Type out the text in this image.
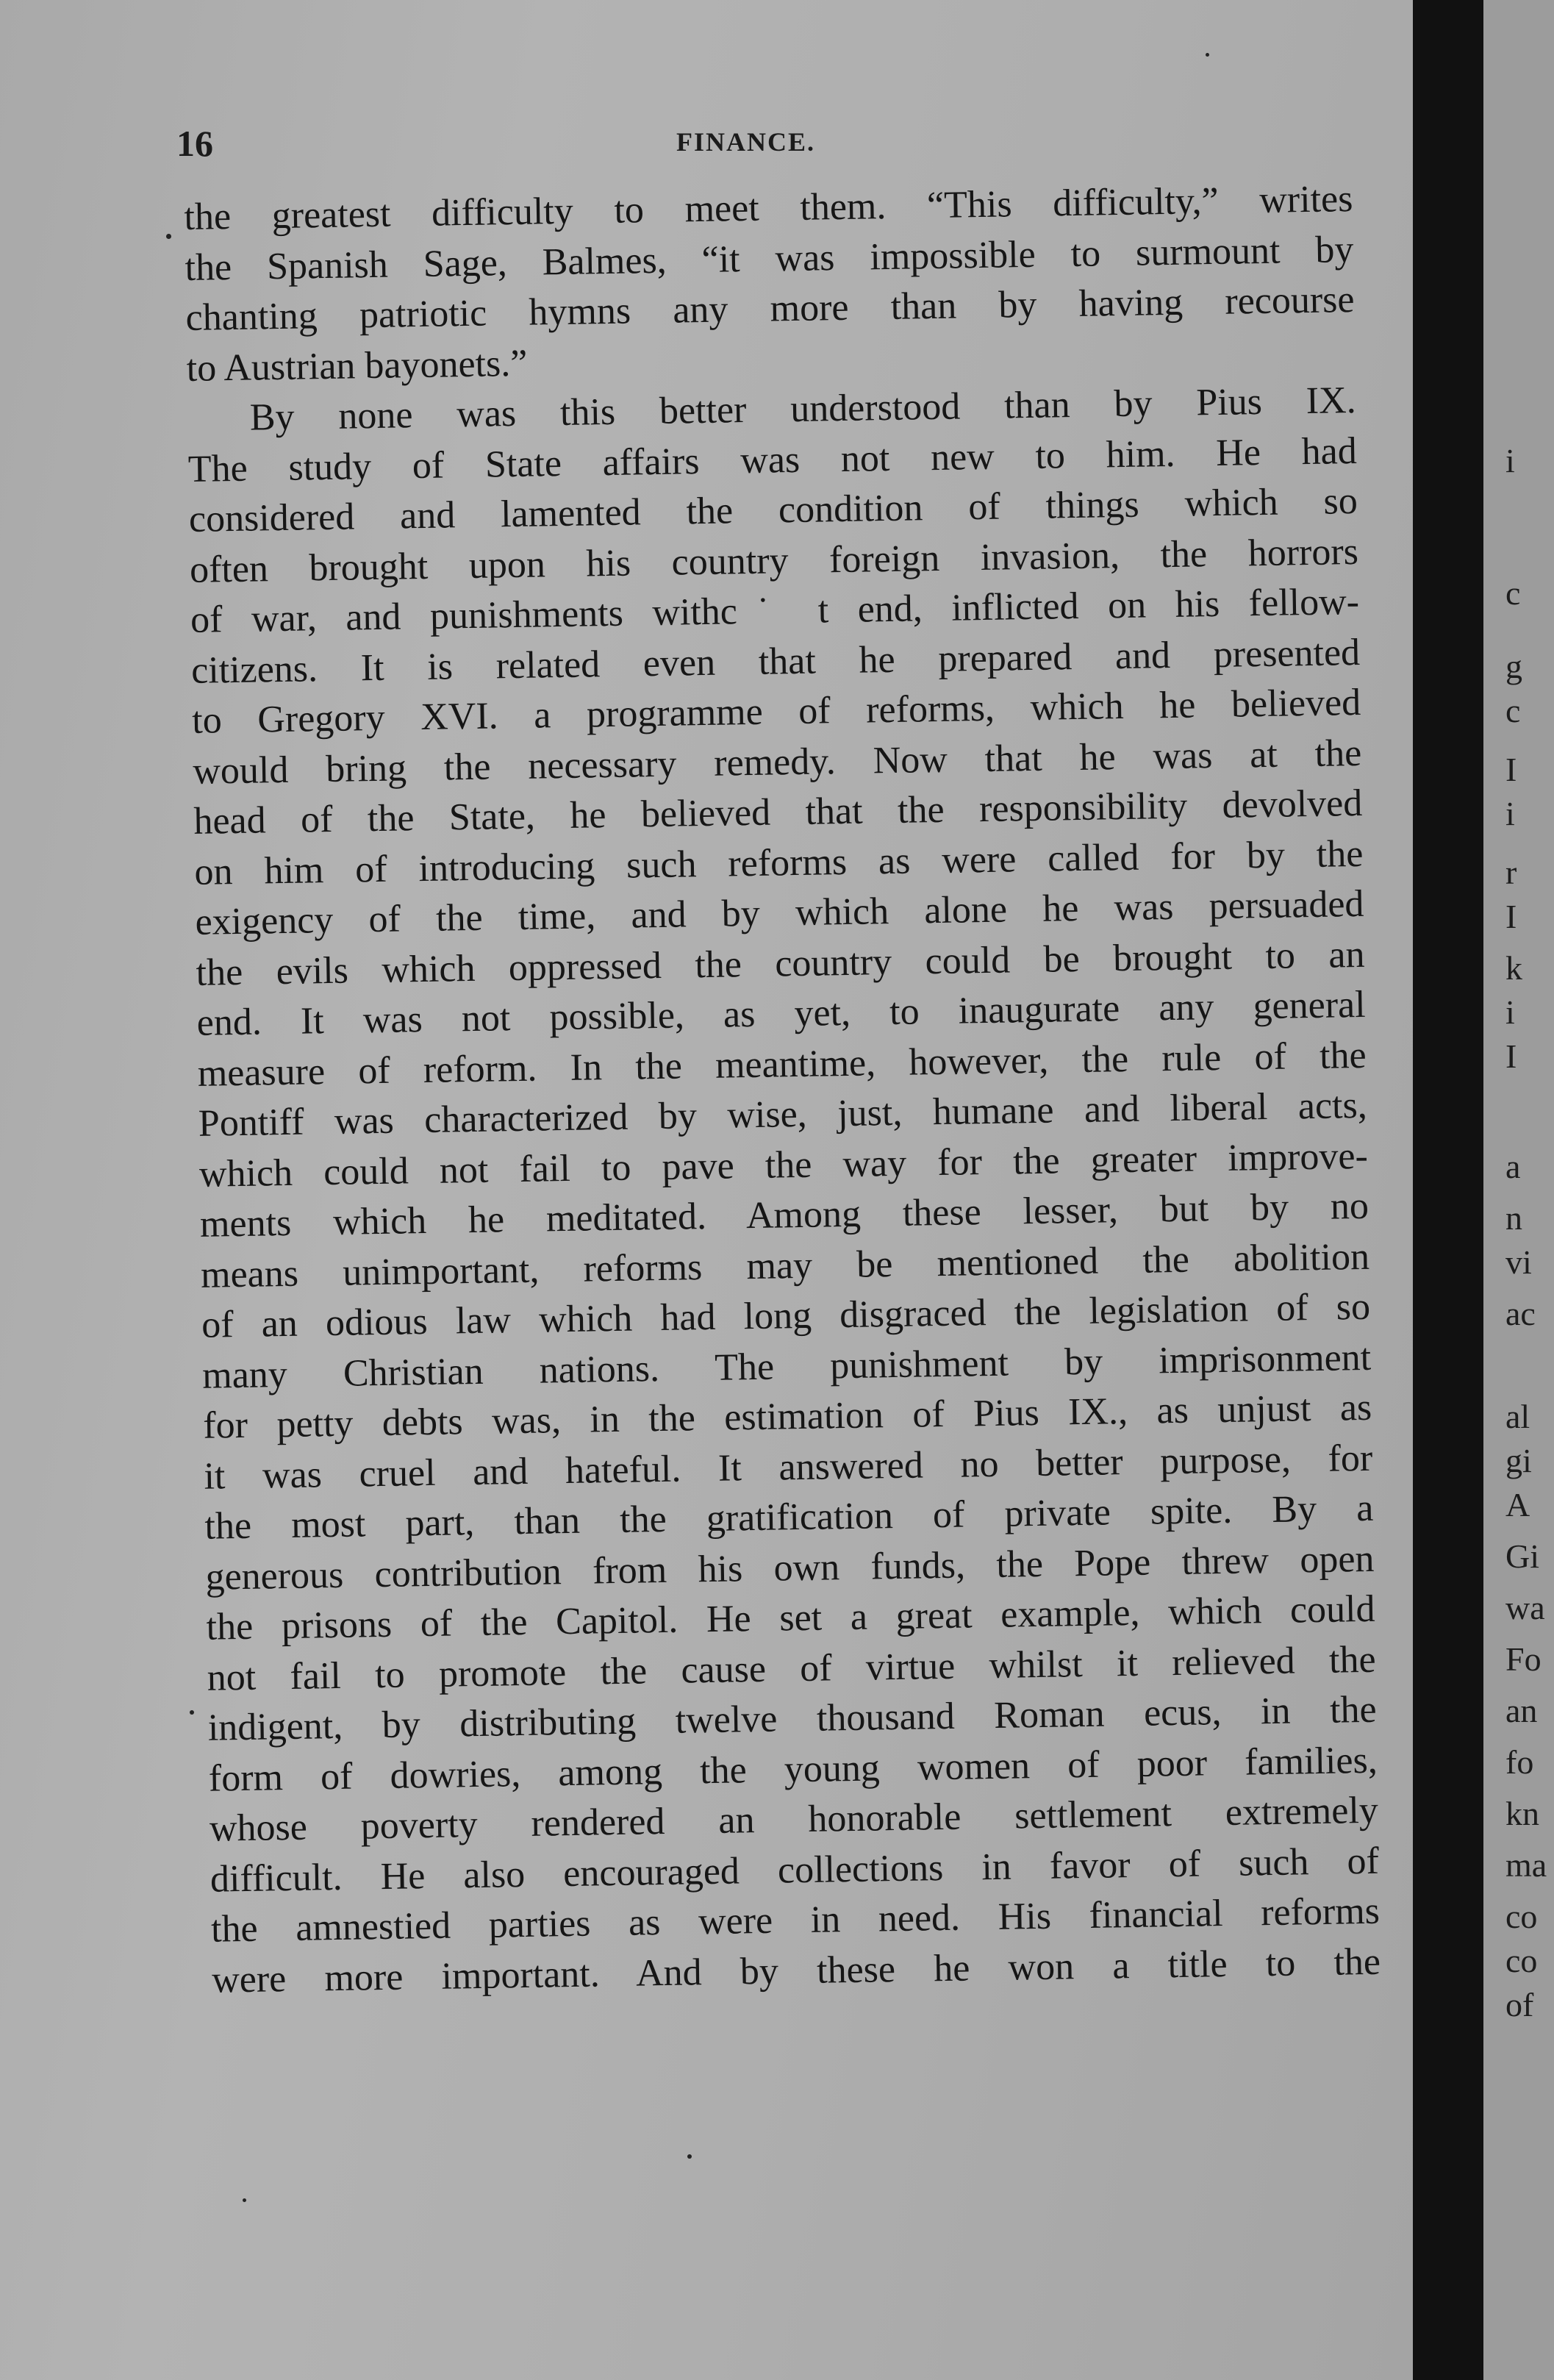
16	FINANCE.
the greatest difficulty to meet them. “This difficulty,” writes
the Spanish Sage, Balmes, “it was impossible to surmount by
chanting patriotic hymns any more than by having recourse
to Austrian bayonets.”
By none was this better understood than by Pius IX.
The study of State affairs was not new to him. He had
considered and lamented the condition of things which so
often brought upon his country foreign invasion, the horrors
of war, and punishments withc˙ t end, inflicted on his fellow-
citizens. It is related even that he prepared and presented
to Gregory XVI. a programme of reforms, which he believed
would bring the necessary remedy. Now that he was at the
head of the State, he believed that the responsibility devolved
on him of introducing such reforms as were called for by the
exigency of the time, and by which alone he was persuaded
the evils which oppressed the country could be brought to an
end. It was not possible, as yet, to inaugurate any general
measure of reform. In the meantime, however, the rule of the
Pontiff was characterized by wise, just, humane and liberal acts,
which could not fail to pave the way for the greater improve-
ments which he meditated. Among these lesser, but by no
means unimportant, reforms may be mentioned the abolition
of an odious law which had long disgraced the legislation of so
many Christian nations. The punishment by imprisonment
for petty debts was, in the estimation of Pius IX., as unjust as
it was cruel and hateful. It answered no better purpose, for
the most part, than the gratification of private spite. By a
generous contribution from his own funds, the Pope threw open
the prisons of the Capitol. He set a great example, which could
not fail to promote the cause of virtue whilst it relieved the
indigent, by distributing twelve thousand Roman ecus, in the
form of dowries, among the young women of poor families,
whose poverty rendered an honorable settlement extremely
difficult. He also encouraged collections in favor of such of
the amnestied parties as were in need. His financial reforms
were more important. And by these he won a title to the
i
c
g
c
I
i
r
I
k
i
I
a
n
vi
ac
al
gi
A
Gi
wa
Fo
an
fo
kn
ma
co
co
of
